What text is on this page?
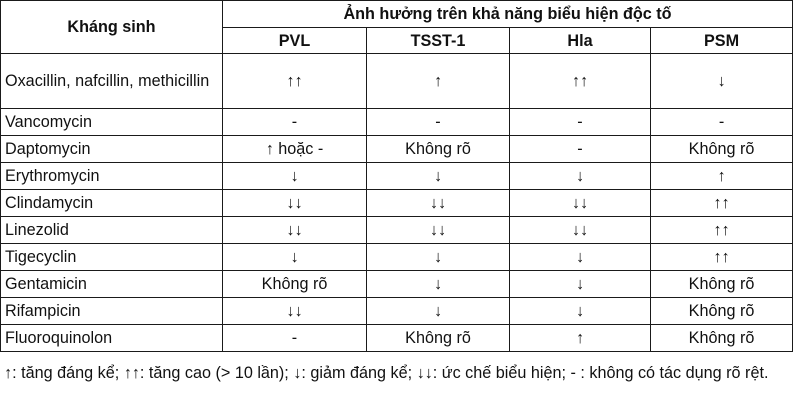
Kháng sinh	Ảnh hưởng trên khả năng biểu hiện độc tố			
	PVL	TSST-1	Hla	PSM
Oxacillin, nafcillin, methicillin	↑↑	↑	↑↑	↓
Vancomycin	-	-	-	-
Daptomycin	↑ hoặc -	Không rõ	-	Không rõ
Erythromycin	↓	↓	↓	↑
Clindamycin	↓↓	↓↓	↓↓	↑↑
Linezolid	↓↓	↓↓	↓↓	↑↑
Tigecyclin	↓	↓	↓	↑↑
Gentamicin	Không rõ	↓	↓	Không rõ
Rifampicin	↓↓	↓	↓	Không rõ
Fluoroquinolon	-	Không rõ	↑	Không rõ
↑: tăng đáng kể; ↑↑: tăng cao (> 10 lần); ↓: giảm đáng kể; ↓↓: ức chế biểu hiện; - : không có tác dụng rõ rệt.
